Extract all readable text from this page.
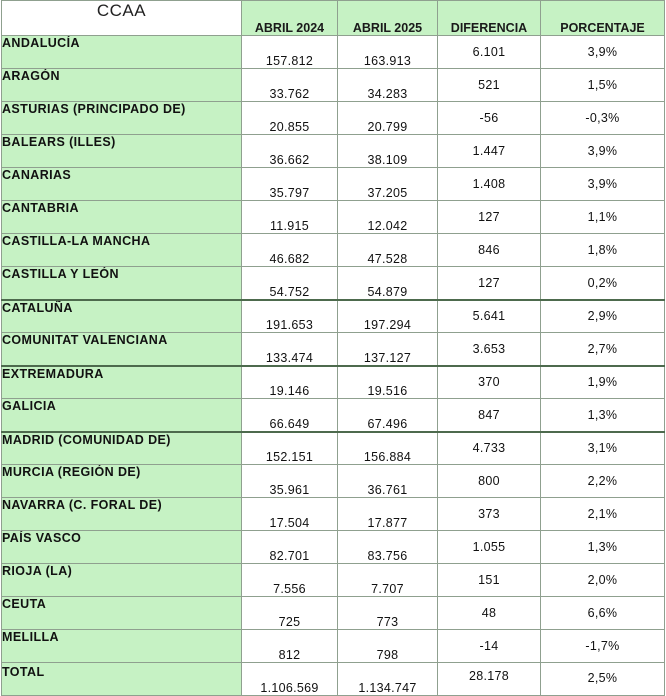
CCAA	ABRIL 2024	ABRIL 2025	DIFERENCIA	PORCENTAJE
ANDALUCÍA	157.812	163.913	6.101	3,9%
ARAGÓN	33.762	34.283	521	1,5%
ASTURIAS (PRINCIPADO DE)	20.855	20.799	-56	-0,3%
BALEARS (ILLES)	36.662	38.109	1.447	3,9%
CANARIAS	35.797	37.205	1.408	3,9%
CANTABRIA	11.915	12.042	127	1,1%
CASTILLA-LA MANCHA	46.682	47.528	846	1,8%
CASTILLA Y LEÓN	54.752	54.879	127	0,2%
CATALUÑA	191.653	197.294	5.641	2,9%
COMUNITAT VALENCIANA	133.474	137.127	3.653	2,7%
EXTREMADURA	19.146	19.516	370	1,9%
GALICIA	66.649	67.496	847	1,3%
MADRID (COMUNIDAD DE)	152.151	156.884	4.733	3,1%
MURCIA (REGIÓN DE)	35.961	36.761	800	2,2%
NAVARRA (C. FORAL DE)	17.504	17.877	373	2,1%
PAÍS VASCO	82.701	83.756	1.055	1,3%
RIOJA (LA)	7.556	7.707	151	2,0%
CEUTA	725	773	48	6,6%
MELILLA	812	798	-14	-1,7%
TOTAL	1.106.569	1.134.747	28.178	2,5%
